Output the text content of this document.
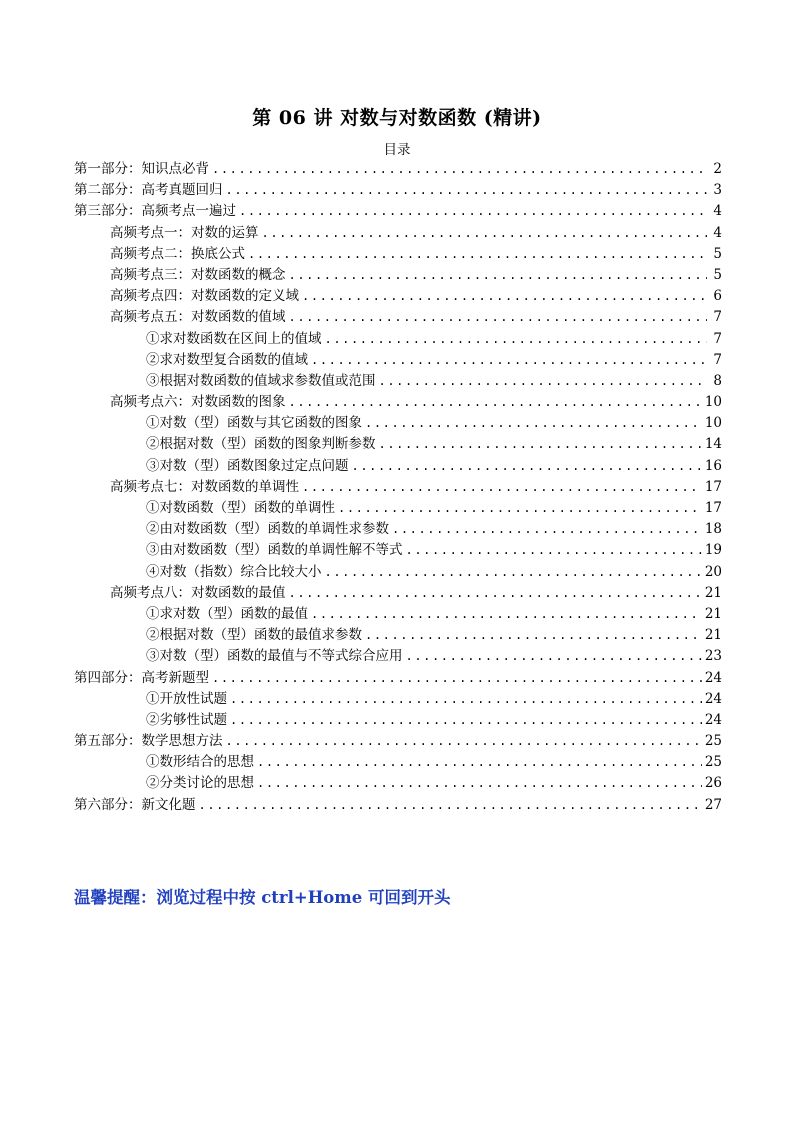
第 06 讲 对数与对数函数 (精讲)
目录
第一部分：知识点必背 .....	2
第二部分：高考真题回归 .....	3
第三部分：高频考点一遍过 .....	4
高频考点一：对数的运算 .....	4
高频考点二：换底公式 .....	5
高频考点三：对数函数的概念 .....	5
高频考点四：对数函数的定义域 .....	6
高频考点五：对数函数的值域 .....	7
①求对数函数在区间上的值域 .....	7
②求对数型复合函数的值域 .....	7
③根据对数函数的值域求参数值或范围 .....	8
高频考点六：对数函数的图象 .....	10
①对数（型）函数与其它函数的图象 .....	10
②根据对数（型）函数的图象判断参数 .....	14
③对数（型）函数图象过定点问题 .....	16
高频考点七：对数函数的单调性 .....	17
①对数函数（型）函数的单调性 .....	17
②由对数函数（型）函数的单调性求参数 .....	18
③由对数函数（型）函数的单调性解不等式 .....	19
④对数（指数）综合比较大小 .....	20
高频考点八：对数函数的最值 .....	21
①求对数（型）函数的最值 .....	21
②根据对数（型）函数的最值求参数 .....	21
③对数（型）函数的最值与不等式综合应用 .....	23
第四部分：高考新题型 .....	24
①开放性试题 .....	24
②劣够性试题 .....	24
第五部分：数学思想方法 .....	25
①数形结合的思想 .....	25
②分类讨论的思想 .....	26
第六部分：新文化题 .....	27
温馨提醒：浏览过程中按 ctrl+Home 可回到开头
